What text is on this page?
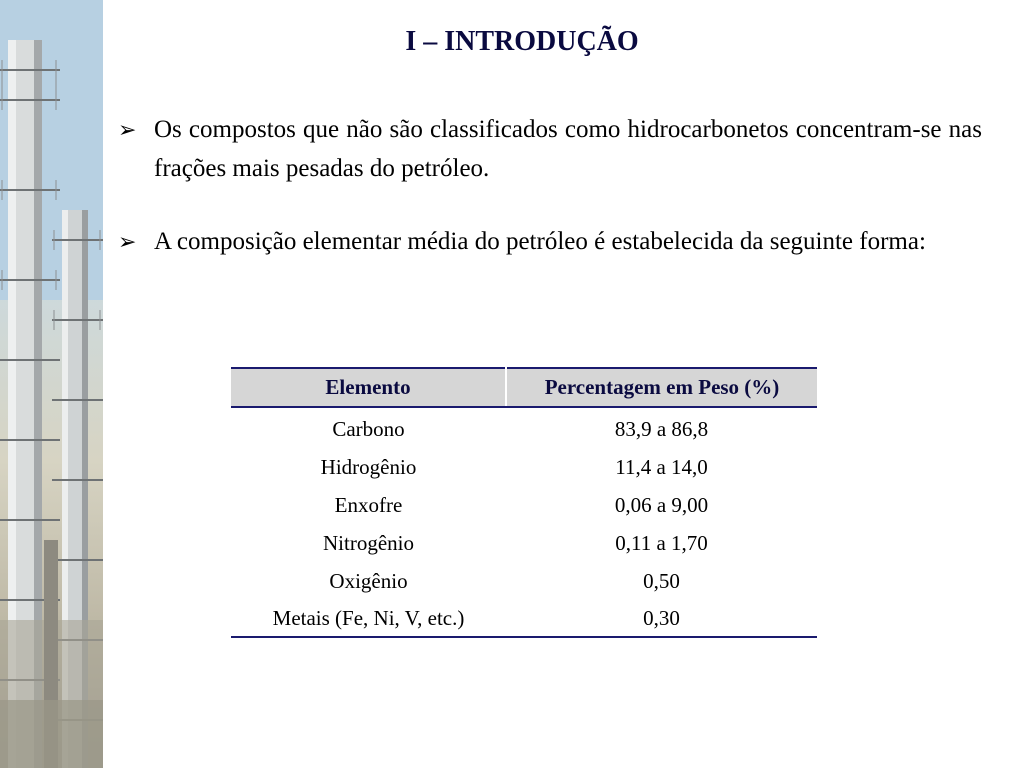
I – INTRODUÇÃO
➢ Os compostos que não são classificados como hidrocarbonetos concentram-se nas frações mais pesadas do petróleo.
➢ A composição elementar média do petróleo é estabelecida da seguinte forma:
Elemento	Percentagem em Peso (%)
Carbono	83,9 a 86,8
Hidrogênio	11,4 a 14,0
Enxofre	0,06 a 9,00
Nitrogênio	0,11 a 1,70
Oxigênio	0,50
Metais (Fe, Ni, V, etc.)	0,30
